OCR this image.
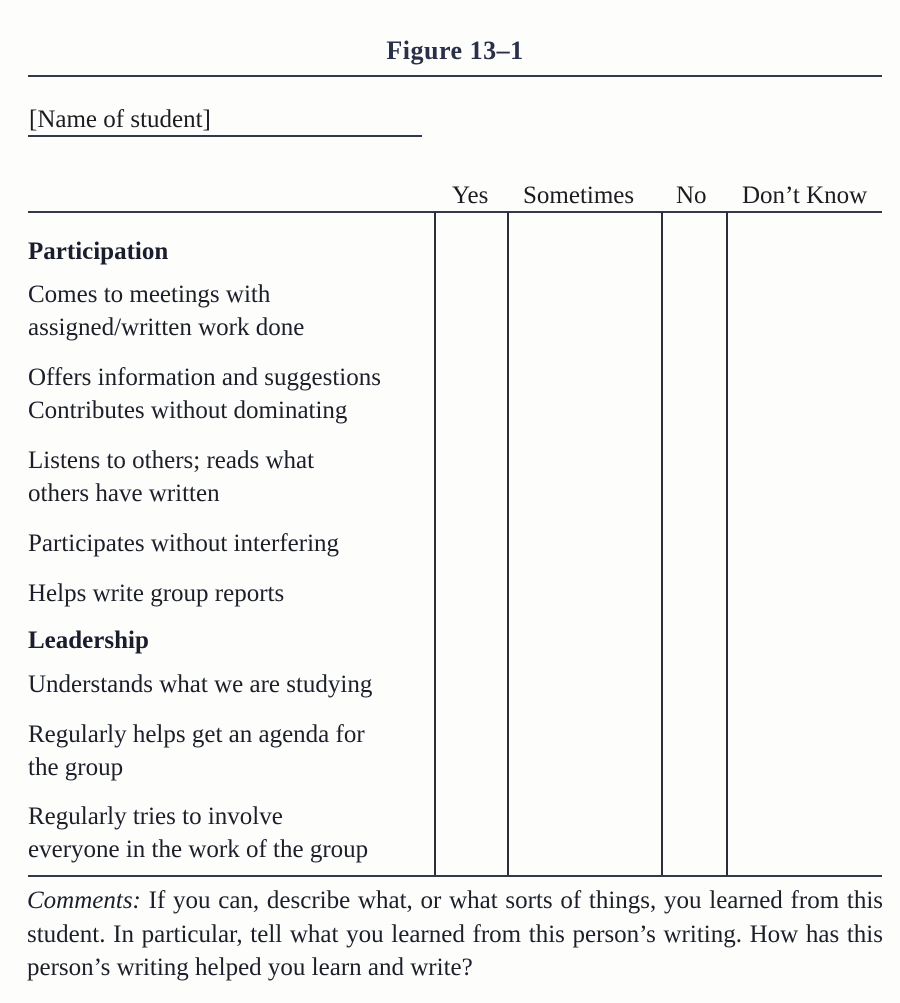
Figure 13–1
[Name of student]
Yes Sometimes No Don’t Know
Participation
Comes to meetings with
assigned/written work done
Offers information and suggestions
Contributes without dominating
Listens to others; reads what
others have written
Participates without interfering
Helps write group reports
Leadership
Understands what we are studying
Regularly helps get an agenda for
the group
Regularly tries to involve
everyone in the work of the group
Comments: If you can, describe what, or what sorts of things, you learned from this student. In particular, tell what you learned from this person’s writing. How has this person’s writing helped you learn and write?
